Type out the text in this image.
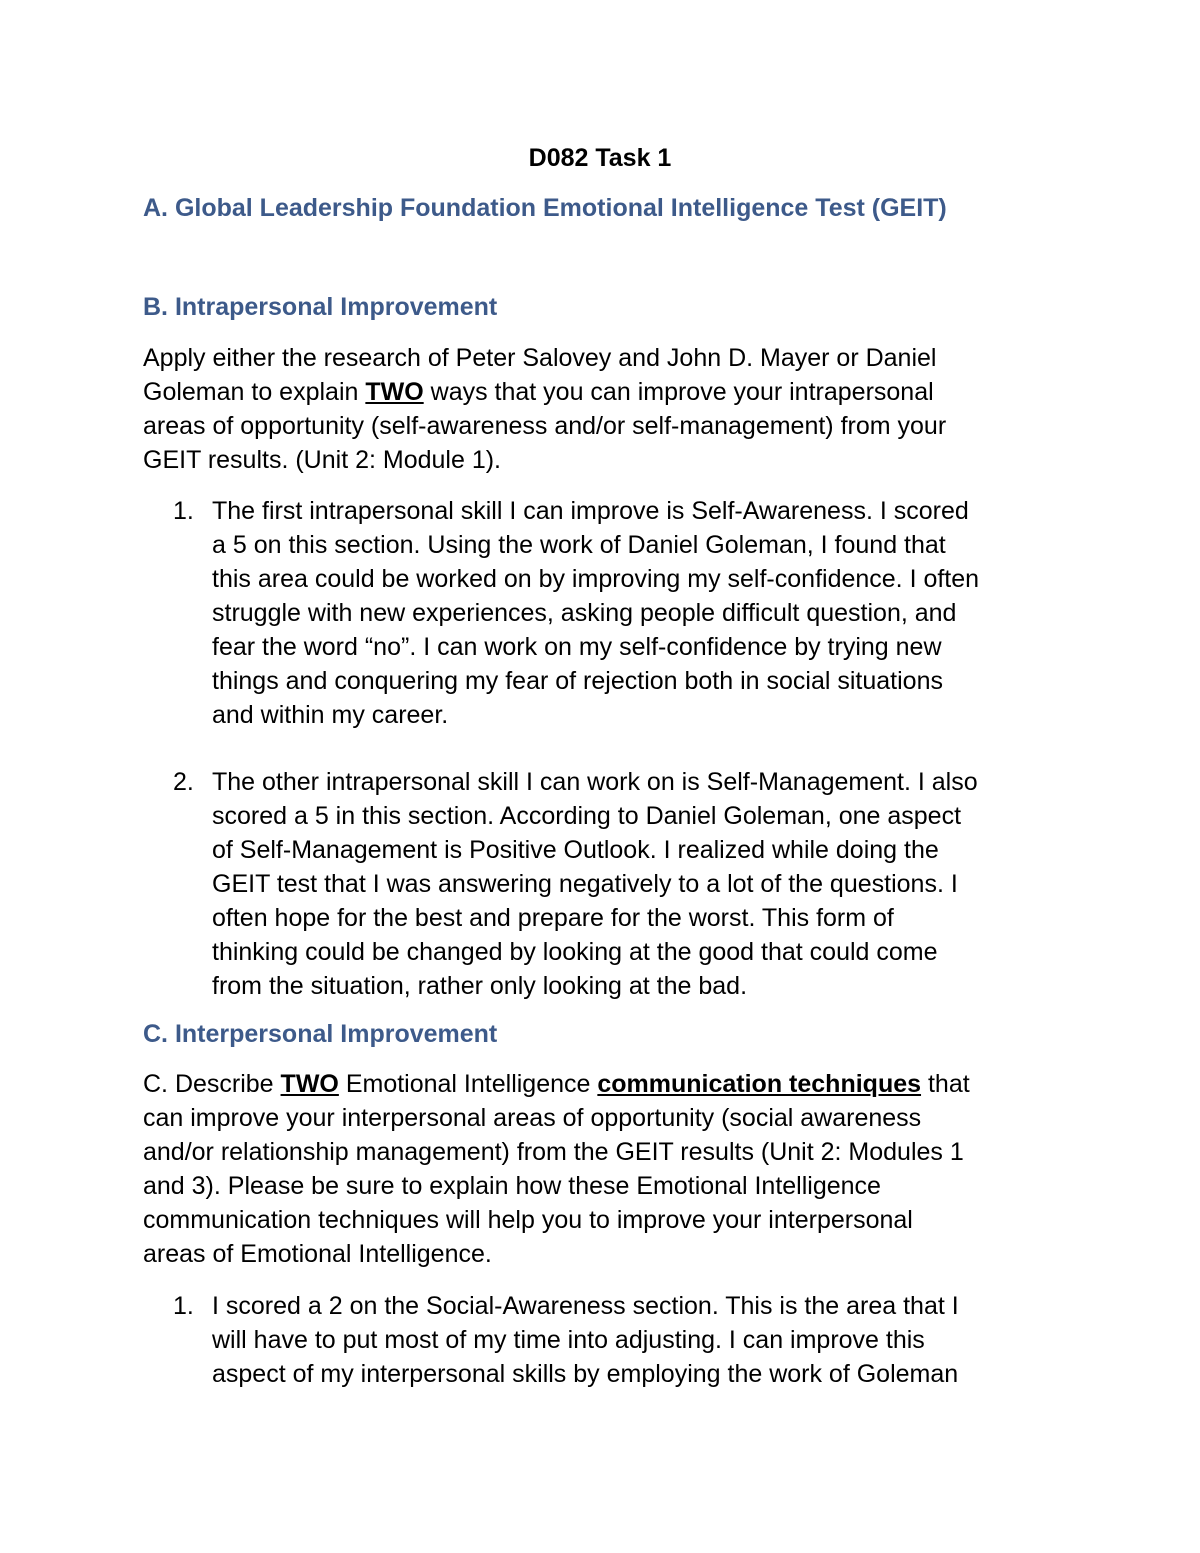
D082 Task 1
A. Global Leadership Foundation Emotional Intelligence Test (GEIT)
B. Intrapersonal Improvement
Apply either the research of Peter Salovey and John D. Mayer or Daniel
Goleman to explain TWO ways that you can improve your intrapersonal
areas of opportunity (self-awareness and/or self-management) from your
GEIT results. (Unit 2: Module 1).
1. The first intrapersonal skill I can improve is Self-Awareness. I scored
a 5 on this section. Using the work of Daniel Goleman, I found that
this area could be worked on by improving my self-confidence. I often
struggle with new experiences, asking people difficult question, and
fear the word “no”. I can work on my self-confidence by trying new
things and conquering my fear of rejection both in social situations
and within my career.
2. The other intrapersonal skill I can work on is Self-Management. I also
scored a 5 in this section. According to Daniel Goleman, one aspect
of Self-Management is Positive Outlook. I realized while doing the
GEIT test that I was answering negatively to a lot of the questions. I
often hope for the best and prepare for the worst. This form of
thinking could be changed by looking at the good that could come
from the situation, rather only looking at the bad.
C. Interpersonal Improvement
C. Describe TWO Emotional Intelligence communication techniques that
can improve your interpersonal areas of opportunity (social awareness
and/or relationship management) from the GEIT results (Unit 2: Modules 1
and 3). Please be sure to explain how these Emotional Intelligence
communication techniques will help you to improve your interpersonal
areas of Emotional Intelligence.
1. I scored a 2 on the Social-Awareness section. This is the area that I
will have to put most of my time into adjusting. I can improve this
aspect of my interpersonal skills by employing the work of Goleman
